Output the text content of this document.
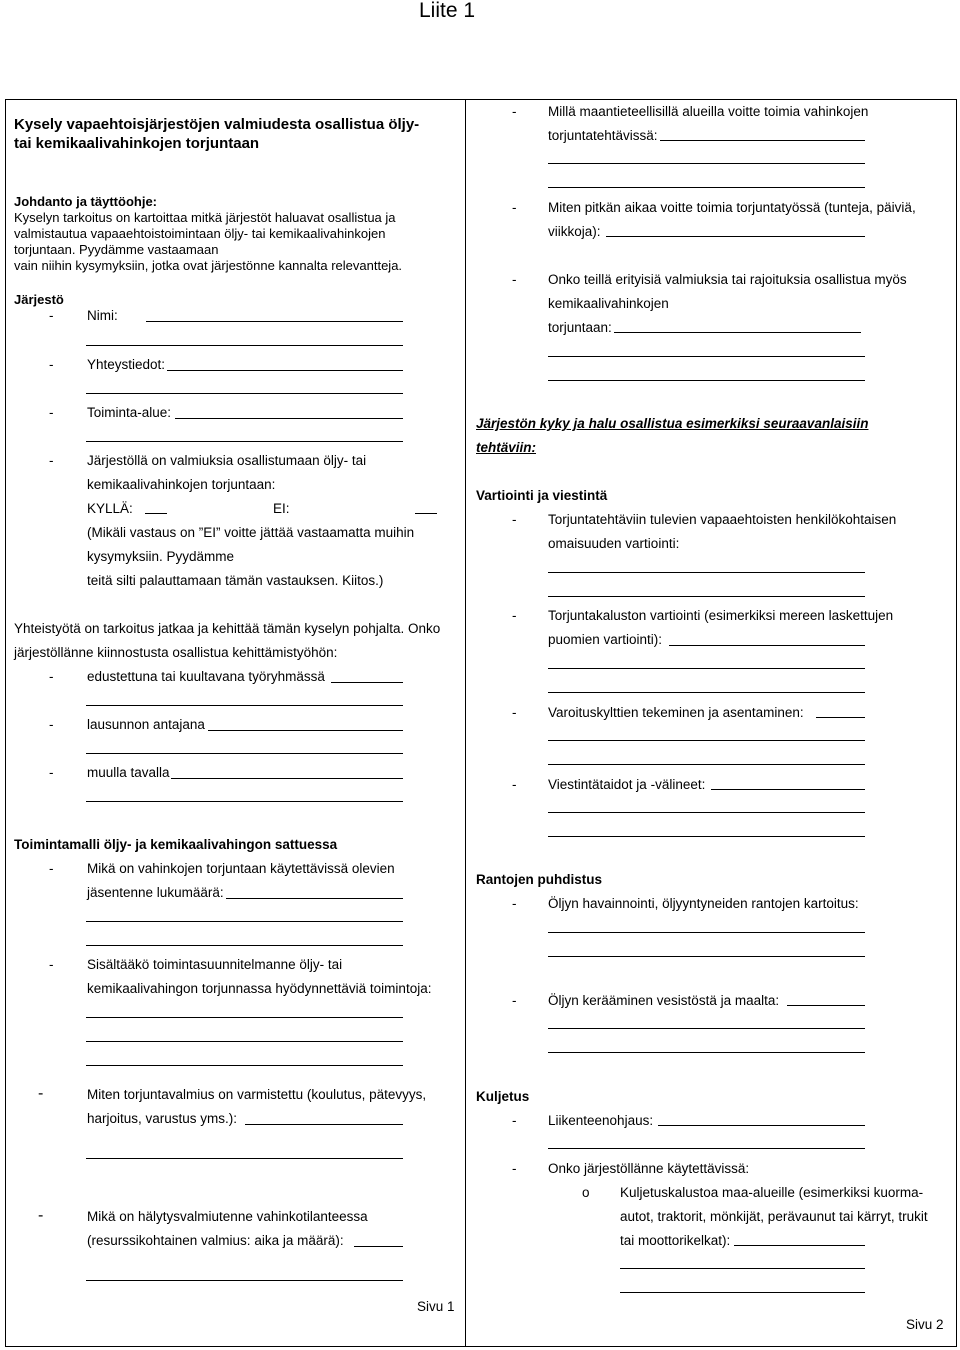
Liite 1
Kysely vapaehtoisjärjestöjen valmiudesta osallistua öljy-
tai kemikaalivahinkojen torjuntaan
Johdanto ja täyttöohje:
Kyselyn tarkoitus on kartoittaa mitkä järjestöt haluavat osallistua ja
valmistautua vapaaehtoistoimintaan öljy- tai kemikaalivahinkojen
torjuntaan. Pyydämme vastaamaan
vain niihin kysymyksiin, jotka ovat järjestönne kannalta relevantteja.
Järjestö
- Nimi:
- Yhteystiedot:
- Toiminta-alue:
- Järjestöllä on valmiuksia osallistumaan öljy- tai
kemikaalivahinkojen torjuntaan:
KYLLÄ:	EI:
(Mikäli vastaus on ”EI” voitte jättää vastaamatta muihin
kysymyksiin. Pyydämme
teitä silti palauttamaan tämän vastauksen. Kiitos.)
Yhteistyötä on tarkoitus jatkaa ja kehittää tämän kyselyn pohjalta. Onko
järjestöllänne kiinnostusta osallistua kehittämistyöhön:
- edustettuna tai kuultavana työryhmässä
- lausunnon antajana
- muulla tavalla
Toimintamalli öljy- ja kemikaalivahingon sattuessa
- Mikä on vahinkojen torjuntaan käytettävissä olevien
jäsentenne lukumäärä:
- Sisältääkö toimintasuunnitelmanne öljy- tai
kemikaalivahingon torjunnassa hyödynnettäviä toimintoja:
-	Miten torjuntavalmius on varmistettu (koulutus, pätevyys,
harjoitus, varustus yms.):
-	Mikä on hälytysvalmiutenne vahinkotilanteessa
(resurssikohtainen valmius: aika ja määrä):
Sivu 1
- Millä maantieteellisillä alueilla voitte toimia vahinkojen
torjuntatehtävissä:
- Miten pitkän aikaa voitte toimia torjuntatyössä (tunteja, päiviä,
viikkoja):
- Onko teillä erityisiä valmiuksia tai rajoituksia osallistua myös
kemikaalivahinkojen
torjuntaan:
Järjestön kyky ja halu osallistua esimerkiksi seuraavanlaisiin
tehtäviin:
Vartiointi ja viestintä
- Torjuntatehtäviin tulevien vapaaehtoisten henkilökohtaisen
omaisuuden vartiointi:
- Torjuntakaluston vartiointi (esimerkiksi mereen laskettujen
puomien vartiointi):
- Varoituskylttien tekeminen ja asentaminen:
- Viestintätaidot ja -välineet:
Rantojen puhdistus
- Öljyn havainnointi, öljyyntyneiden rantojen kartoitus:
- Öljyn kerääminen vesistöstä ja maalta:
Kuljetus
- Liikenteenohjaus:
- Onko järjestöllänne käytettävissä:
o Kuljetuskalustoa maa-alueille (esimerkiksi kuorma-
autot, traktorit, mönkijät, perävaunut tai kärryt, trukit
tai moottorikelkat):
Sivu 2
